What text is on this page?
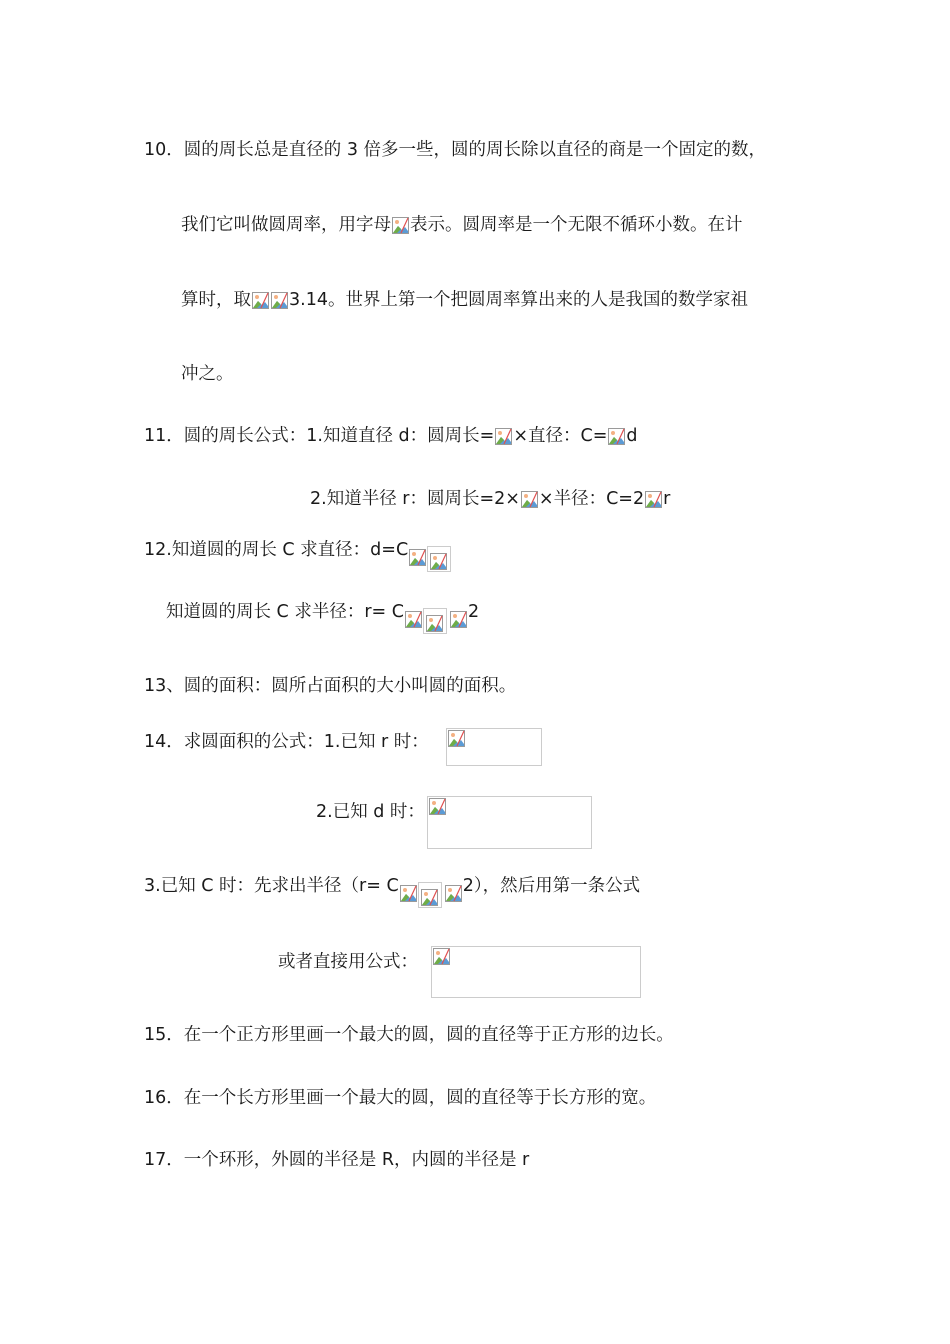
10．圆的周长总是直径的 3 倍多一些，圆的周长除以直径的商是一个固定的数，
我们它叫做圆周率，用字母 表示。圆周率是一个无限不循环小数。在计
算时，取 3.14。世界上第一个把圆周率算出来的人是我国的数学家祖
冲之。
11．圆的周长公式：1.知道直径 d：圆周长= ×直径：C= d
2.知道半径 r：圆周长=2× ×半径：C=2 r
12.知道圆的周长 C 求直径：d=C
知道圆的周长 C 求半径：r= C	2
13、圆的面积：圆所占面积的大小叫圆的面积。
14．求圆面积的公式：1.已知 r 时：
2.已知 d 时：
3.已知 C 时：先求出半径（r= C	2），然后用第一条公式
或者直接用公式：
15．在一个正方形里画一个最大的圆，圆的直径等于正方形的边长。
16．在一个长方形里画一个最大的圆，圆的直径等于长方形的宽。
17．一个环形，外圆的半径是 R，内圆的半径是 r
